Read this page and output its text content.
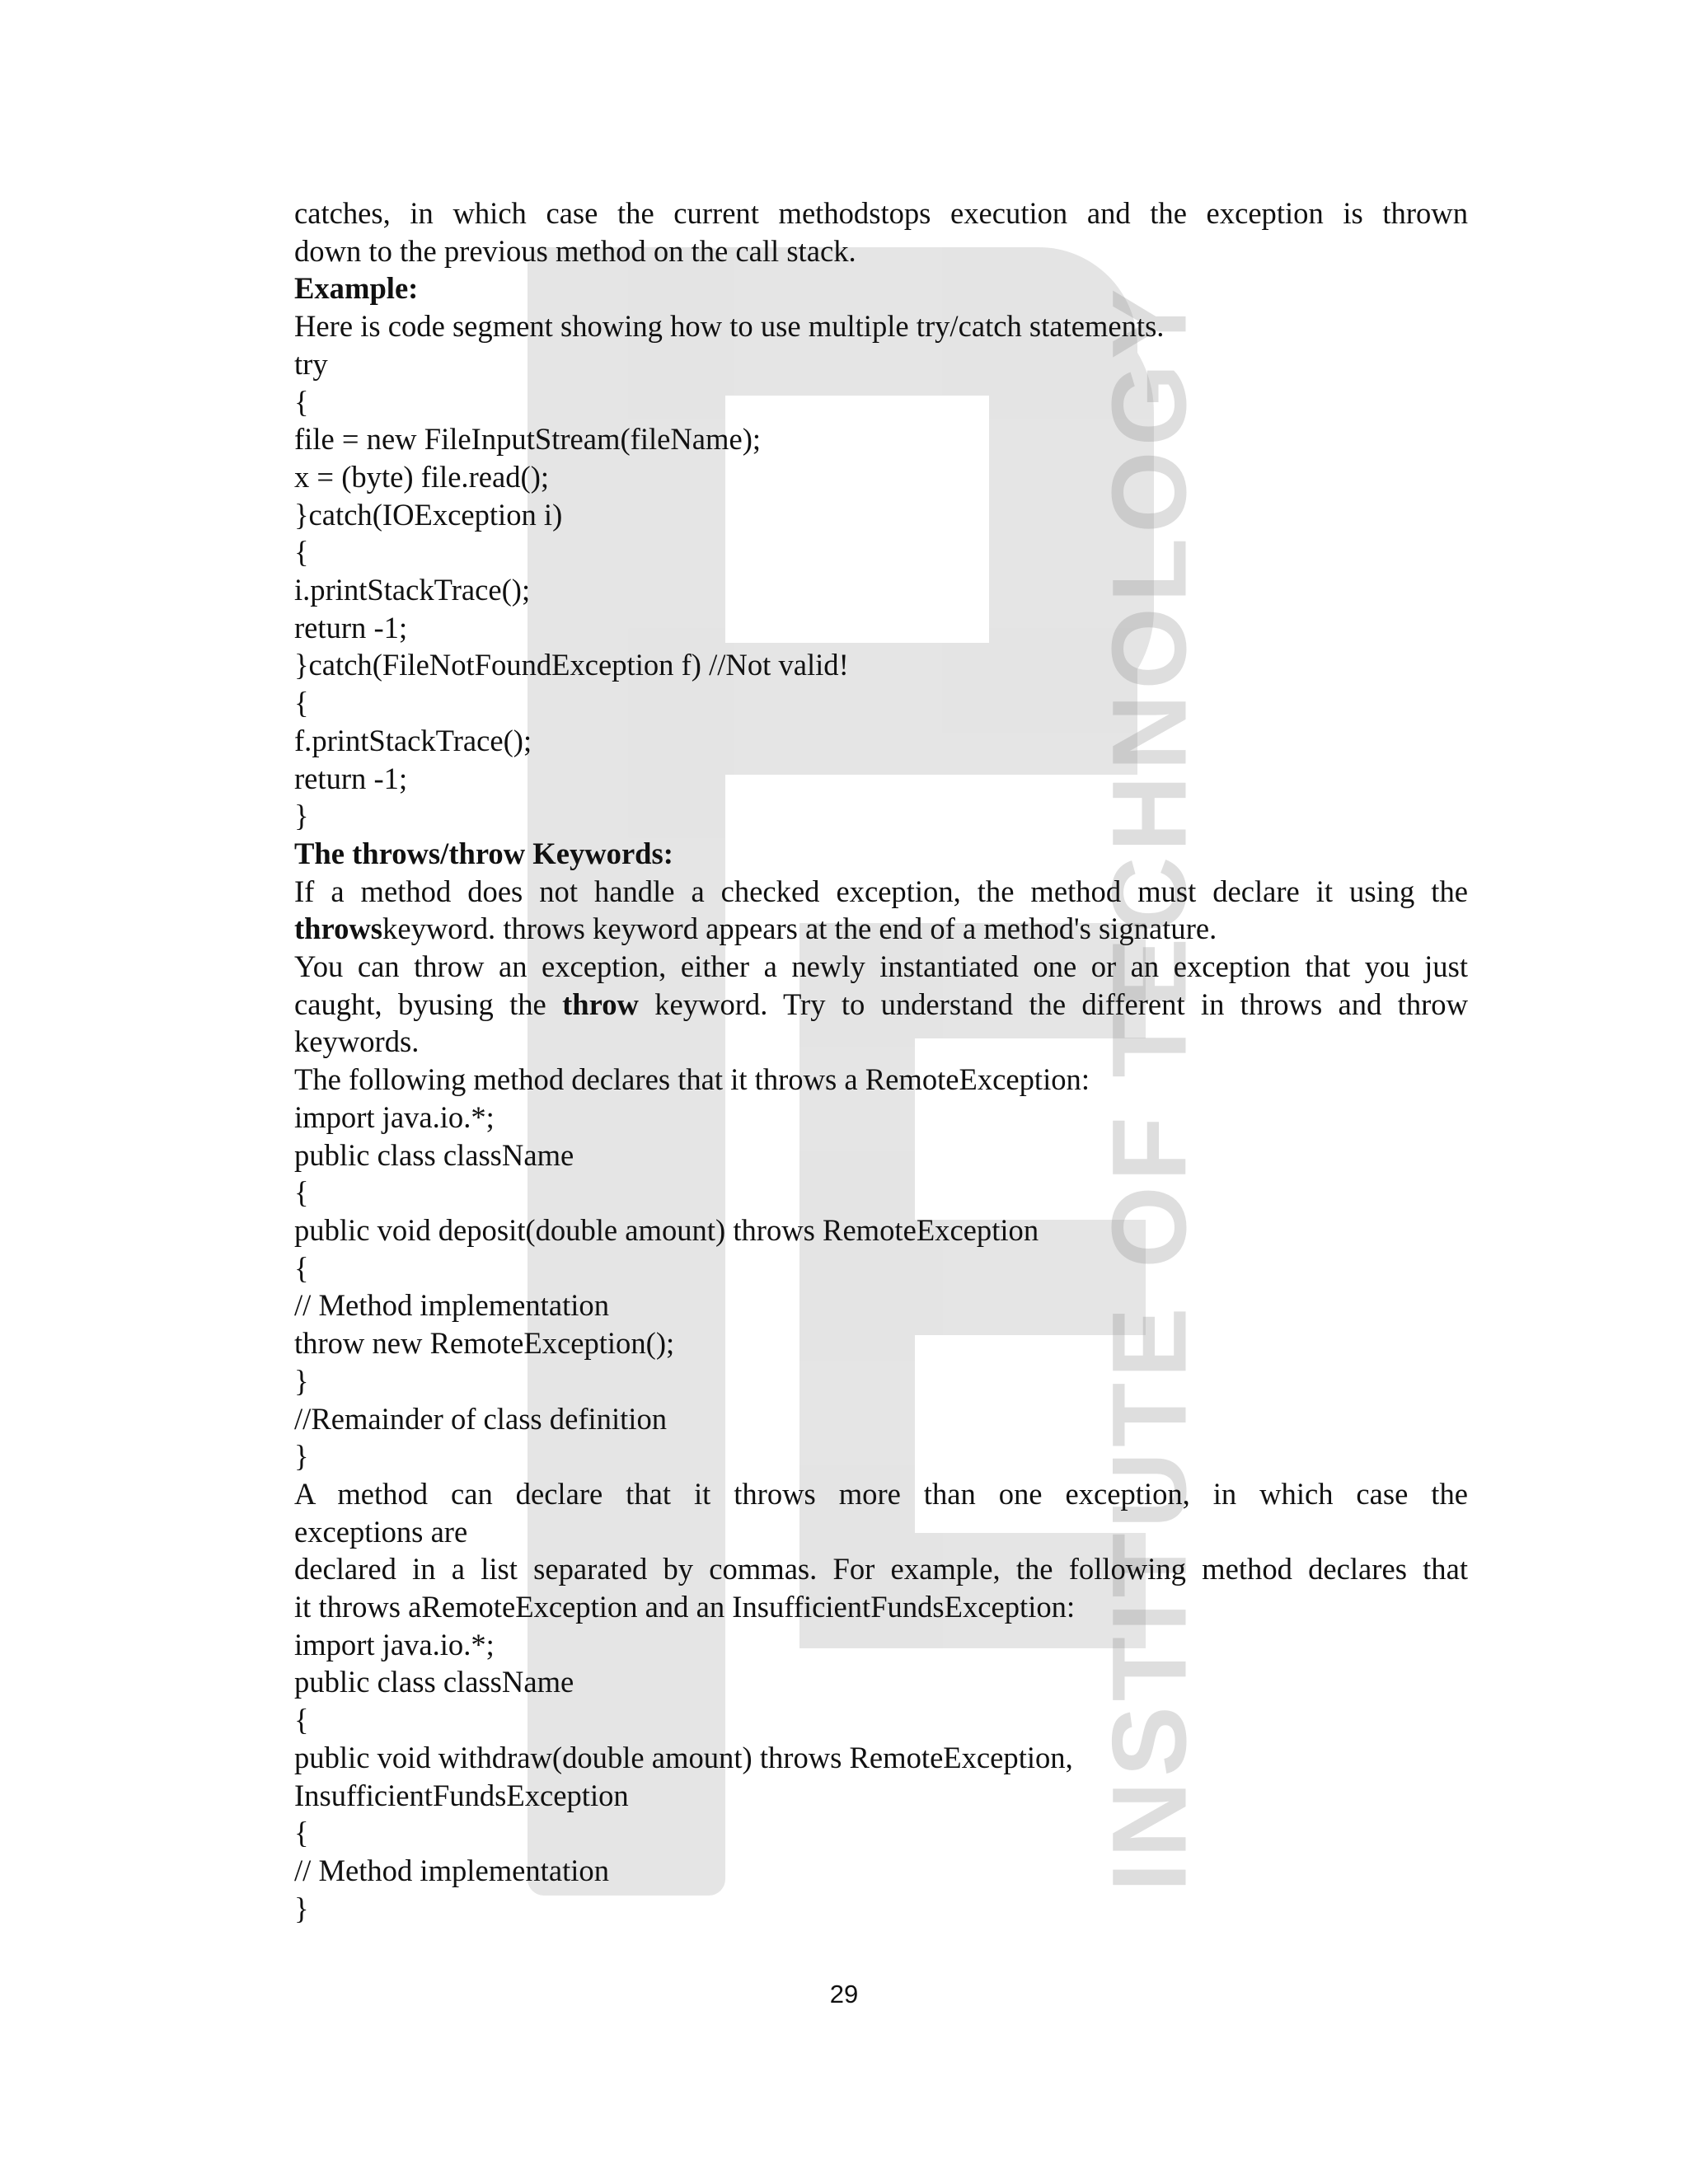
INSTITUTE OF TECHNOLOGY

catches, in which case the current methodstops execution and the exception is thrown

down to the previous method on the call stack.

Example:

Here is code segment showing how to use multiple try/catch statements.

try

{

file = new FileInputStream(fileName);

x = (byte) file.read();

}catch(IOException i)

{

i.printStackTrace();

return -1;

}catch(FileNotFoundException f) //Not valid!

{

f.printStackTrace();

return -1;

}

The throws/throw Keywords:

If a method does not handle a checked exception, the method must declare it using the

throwskeyword. throws keyword appears at the end of a method's signature.

You can throw an exception, either a newly instantiated one or an exception that you just

caught, byusing the throw keyword. Try to understand the different in throws and throw

keywords.

The following method declares that it throws a RemoteException:

import java.io.*;

public class className

{

public void deposit(double amount) throws RemoteException

{

// Method implementation

throw new RemoteException();

}

//Remainder of class definition

}

A method can declare that it throws more than one exception, in which case the

exceptions are

declared in a list separated by commas. For example, the following method declares that

it throws aRemoteException and an InsufficientFundsException:

import java.io.*;

public class className

{

public void withdraw(double amount) throws RemoteException,

InsufficientFundsException

{

// Method implementation

}

29
